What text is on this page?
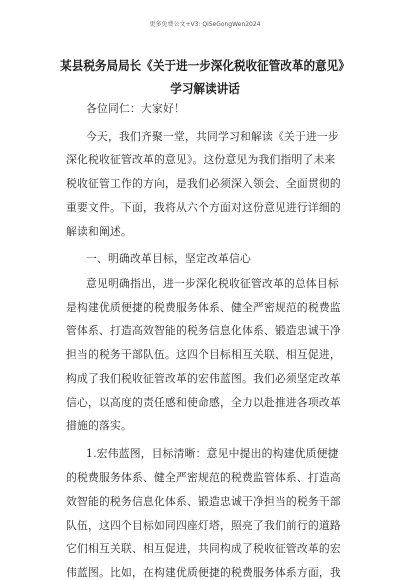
更多免费公文+V3: QiSeGongWen2024
某县税务局局长《关于进一步深化税收征管改革的意见》
学习解读讲话
各位同仁：大家好！
今天，我们齐聚一堂，共同学习和解读《关于进一步
深化税收征管改革的意见》。这份意见为我们指明了未来
税收征管工作的方向，是我们必须深入领会、全面贯彻的
重要文件。下面，我将从六个方面对这份意见进行详细的
解读和阐述。
一、明确改革目标，坚定改革信心
意见明确指出，进一步深化税收征管改革的总体目标
是构建优质便捷的税费服务体系、健全严密规范的税费监
管体系、打造高效智能的税务信息化体系、锻造忠诚干净
担当的税务干部队伍。这四个目标相互关联、相互促进，
构成了我们税收征管改革的宏伟蓝图。我们必须坚定改革
信心，以高度的责任感和使命感，全力以赴推进各项改革
措施的落实。
1.宏伟蓝图，目标清晰：意见中提出的构建优质便捷
的税费服务体系、健全严密规范的税费监管体系、打造高
效智能的税务信息化体系、锻造忠诚干净担当的税务干部
队伍，这四个目标如同四座灯塔，照亮了我们前行的道路
它们相互关联、相互促进，共同构成了税收征管改革的宏
伟蓝图。比如，在构建优质便捷的税费服务体系方面，我
